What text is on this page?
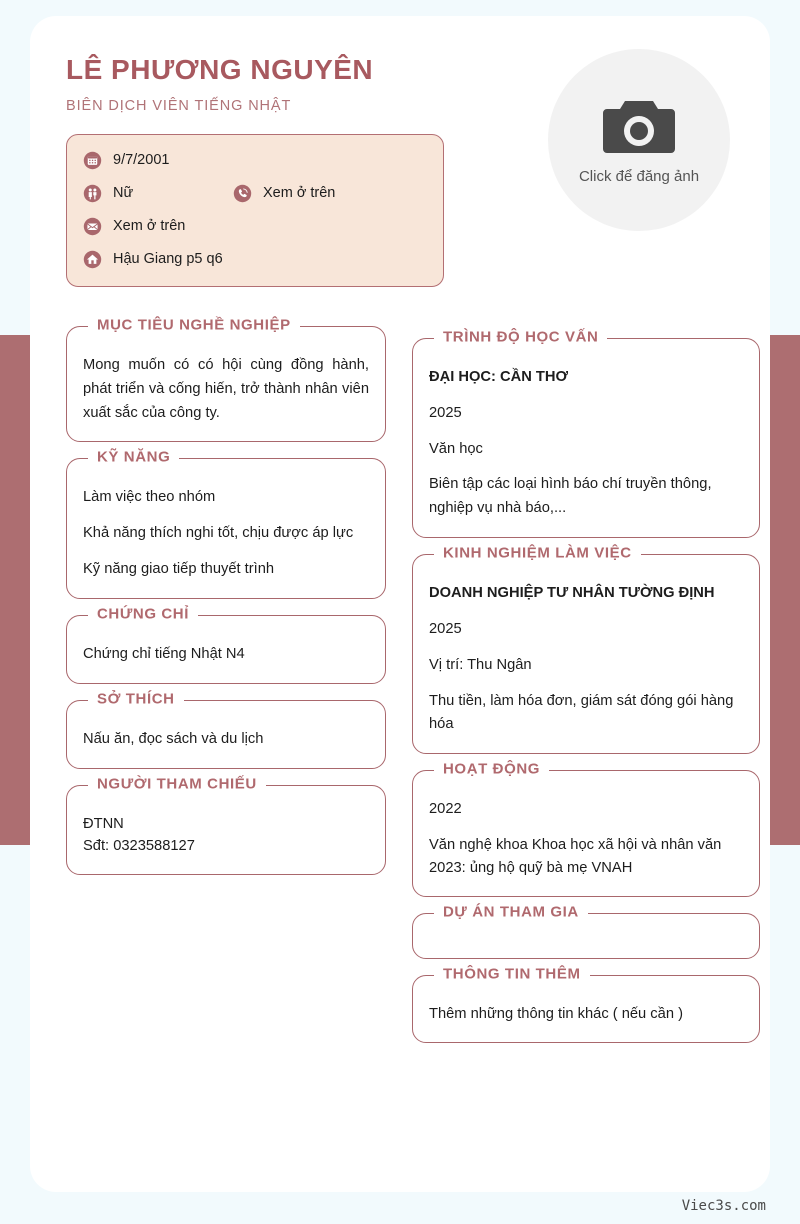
LÊ PHƯƠNG NGUYÊN
BIÊN DỊCH VIÊN TIẾNG NHẬT
9/7/2001
Nữ	Xem ở trên
Xem ở trên
Hậu Giang p5 q6
Click để đăng ảnh
MỤC TIÊU NGHỀ NGHIỆP
Mong muốn có có hội cùng đồng hành, phát triển và cống hiến, trở thành nhân viên xuất sắc của công ty.
KỸ NĂNG
Làm việc theo nhóm
Khả năng thích nghi tốt, chịu được áp lực
Kỹ năng giao tiếp thuyết trình
CHỨNG CHỈ
Chứng chỉ tiếng Nhật N4
SỞ THÍCH
Nấu ăn, đọc sách và du lịch
NGƯỜI THAM CHIẾU
ĐTNN
Sđt: 0323588127
TRÌNH ĐỘ HỌC VẤN
ĐẠI HỌC: CẦN THƠ
2025
Văn học
Biên tập các loại hình báo chí truyền thông, nghiệp vụ nhà báo,...
KINH NGHIỆM LÀM VIỆC
DOANH NGHIỆP TƯ NHÂN TƯỜNG ĐỊNH
2025
Vị trí: Thu Ngân
Thu tiền, làm hóa đơn, giám sát đóng gói hàng hóa
HOẠT ĐỘNG
2022
Văn nghệ khoa Khoa học xã hội và nhân văn
2023: ủng hộ quỹ bà mẹ VNAH
DỰ ÁN THAM GIA
THÔNG TIN THÊM
Thêm những thông tin khác ( nếu cần )
Viec3s.com
